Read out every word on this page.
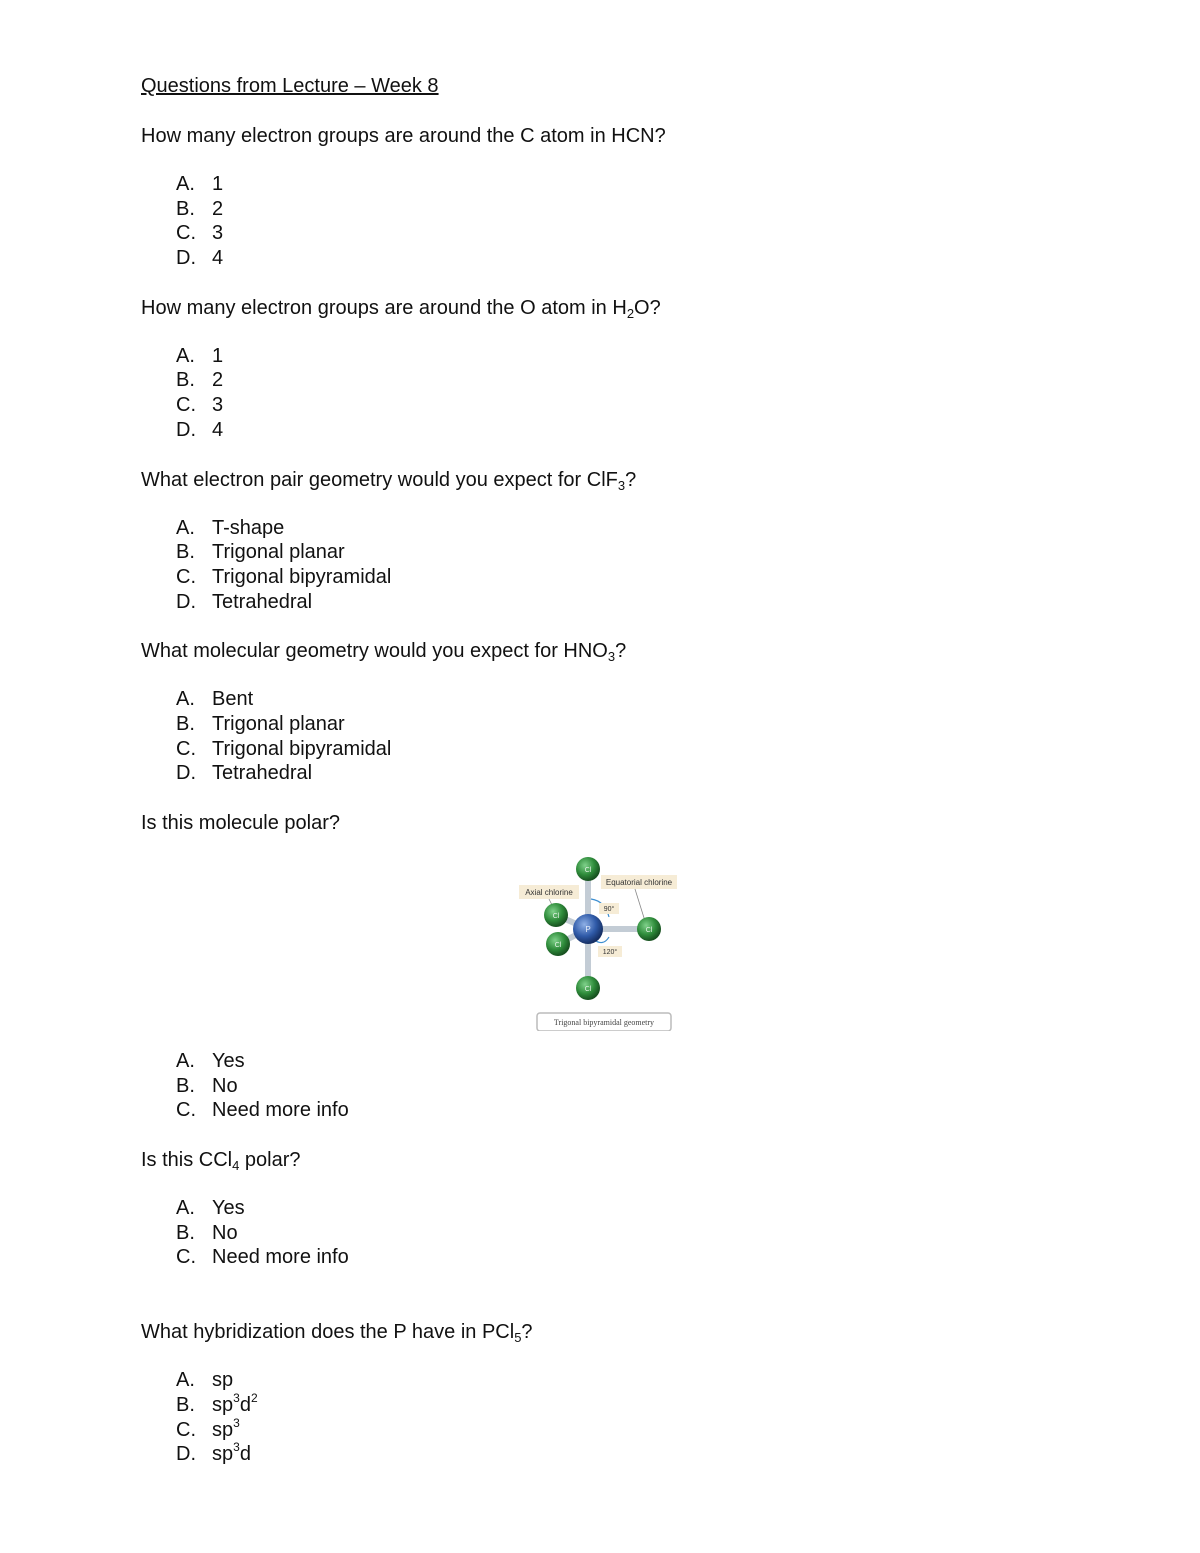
Questions from Lecture – Week 8
How many electron groups are around the C atom in HCN?
A. 1
B. 2
C. 3
D. 4
How many electron groups are around the O atom in $H_2O$?
A. 1
B. 2
C. 3
D. 4
What electron pair geometry would you expect for ClF$_3$?
A. T-shape
B. Trigonal planar
C. Trigonal bipyramidal
D. Tetrahedral
What molecular geometry would you expect for $HNO_3$?
A. Bent
B. Trigonal planar
C. Trigonal bipyramidal
D. Tetrahedral
Is this molecule polar?
Axial chlorine
Equatorial chlorine
90°
120°
Cl
Cl
Cl
P	Cl
Cl
Trigonal bipyramidal geometry
A. Yes
B. No
C. Need more info
Is this CCl$_4$ polar?
A. Yes
B. No
C. Need more info
What hybridization does the P have in PCl$_5$?
A. sp
B. $sp^3d^2$
C. $sp^3$
D. $sp^3d$
